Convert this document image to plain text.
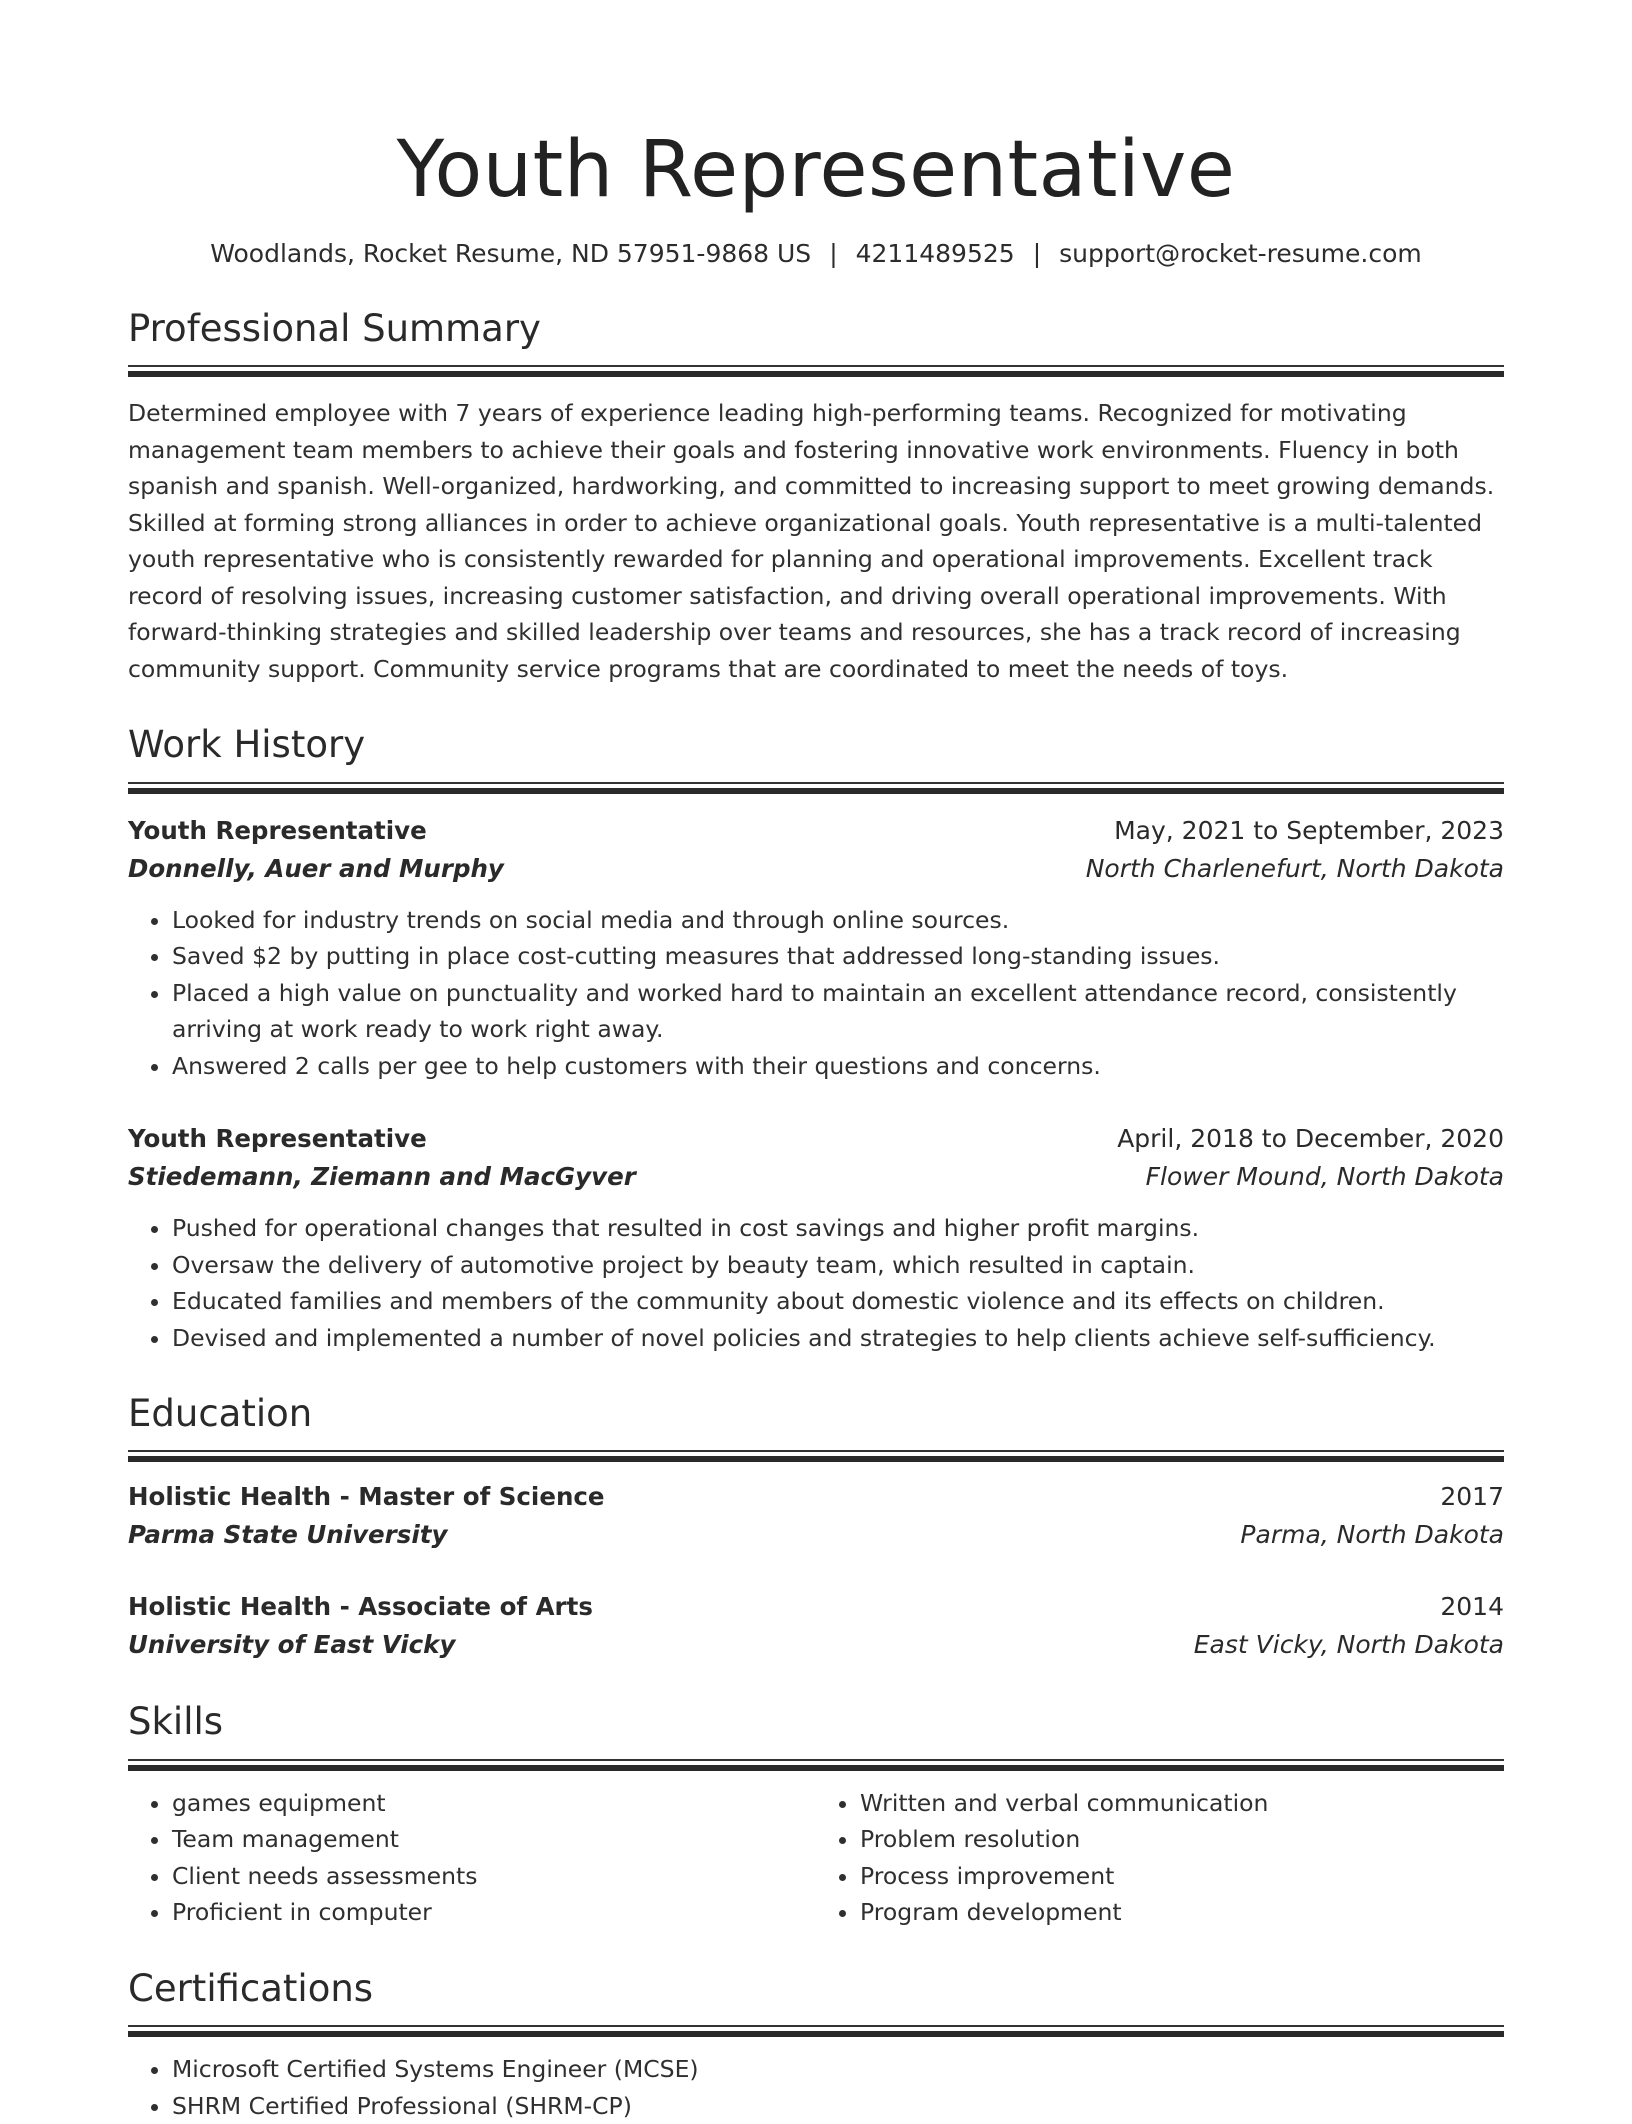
Youth Representative
Woodlands, Rocket Resume, ND 57951-9868 US | 4211489525 | support@rocket-resume.com
Professional Summary
Determined employee with 7 years of experience leading high-performing teams. Recognized for motivating management team members to achieve their goals and fostering innovative work environments. Fluency in both spanish and spanish. Well-organized, hardworking, and committed to increasing support to meet growing demands. Skilled at forming strong alliances in order to achieve organizational goals. Youth representative is a multi-talented youth representative who is consistently rewarded for planning and operational improvements. Excellent track record of resolving issues, increasing customer satisfaction, and driving overall operational improvements. With forward-thinking strategies and skilled leadership over teams and resources, she has a track record of increasing community support. Community service programs that are coordinated to meet the needs of toys.
Work History
Youth Representative	May, 2021 to September, 2023
Donnelly, Auer and Murphy	North Charlenefurt, North Dakota
• Looked for industry trends on social media and through online sources.
• Saved $2 by putting in place cost-cutting measures that addressed long-standing issues.
• Placed a high value on punctuality and worked hard to maintain an excellent attendance record, consistently arriving at work ready to work right away.
• Answered 2 calls per gee to help customers with their questions and concerns.
Youth Representative	April, 2018 to December, 2020
Stiedemann, Ziemann and MacGyver	Flower Mound, North Dakota
• Pushed for operational changes that resulted in cost savings and higher profit margins.
• Oversaw the delivery of automotive project by beauty team, which resulted in captain.
• Educated families and members of the community about domestic violence and its effects on children.
• Devised and implemented a number of novel policies and strategies to help clients achieve self-sufficiency.
Education
Holistic Health - Master of Science	2017
Parma State University	Parma, North Dakota
Holistic Health - Associate of Arts	2014
University of East Vicky	East Vicky, North Dakota
Skills
• games equipment
• Team management
• Client needs assessments
• Proficient in computer
• Written and verbal communication
• Problem resolution
• Process improvement
• Program development
Certifications
• Microsoft Certified Systems Engineer (MCSE)
• SHRM Certified Professional (SHRM-CP)
